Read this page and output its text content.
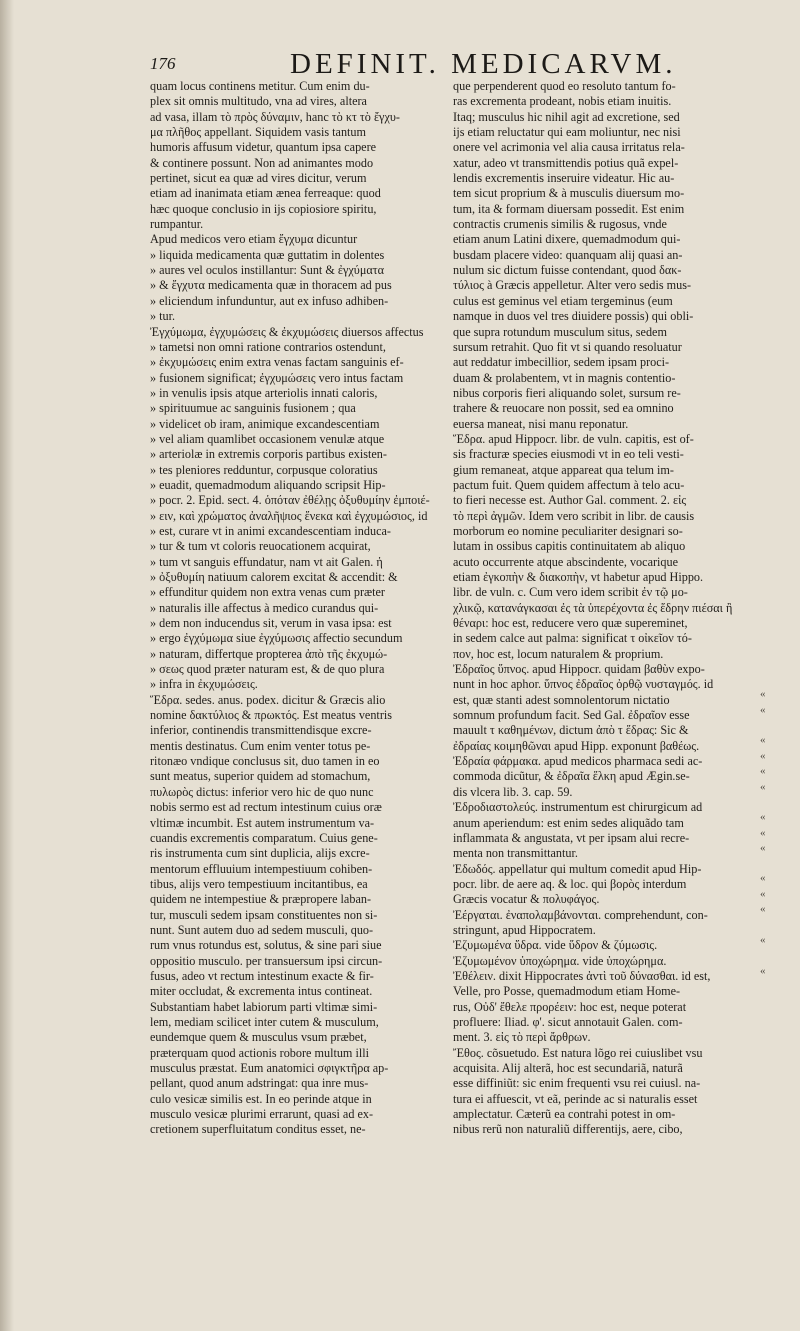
176	DEFINIT. MEDICARVM.
quam locus continens metitur. Cum enim du-
plex sit omnis multitudo, vna ad vires, altera
ad vasa, illam τὸ πρὸς δύναμιν, hanc τὸ κτ τὸ ἔγχυ-
μα πλῆθος appellant. Siquidem vasis tantum
humoris affusum videtur, quantum ipsa capere
& continere possunt. Non ad animantes modo
pertinet, sicut ea quæ ad vires dicitur, verum
etiam ad inanimata etiam ænea ferreaque: quod
hæc quoque conclusio in ijs copiosiore spiritu,
rumpantur.
Apud medicos vero etiam ἔγχυμα dicuntur
» liquida medicamenta quæ guttatim in dolentes
» aures vel oculos instillantur: Sunt & ἐγχύματα
» & ἔγχυτα medicamenta quæ in thoracem ad pus
» eliciendum infunduntur, aut ex infuso adhiben-
» tur.
Ἐγχύμωμα, ἐγχυμώσεις & ἐκχυμώσεις diuersos affectus
» tametsi non omni ratione contrarios ostendunt,
» ἐκχυμώσεις enim extra venas factam sanguinis ef-
» fusionem significat; ἐγχυμώσεις vero intus factam
» in venulis ipsis atque arteriolis innati caloris,
» spirituumue ac sanguinis fusionem ; qua
» videlicet ob iram, animique excandescentiam
» vel aliam quamlibet occasionem venulæ atque
» arteriolæ in extremis corporis partibus existen-
» tes pleniores redduntur, corpusque coloratius
» euadit, quemadmodum aliquando scripsit Hip-
» pocr. 2. Epid. sect. 4. ὁπόταν ἐθέλῃς ὀξυθυμίην ἐμποιέ-
» ειν, καὶ χρώματος ἀναλῆψιος ἕνεκα καὶ ἐγχυμώσιος, id
» est, curare vt in animi excandescentiam induca-
» tur & tum vt coloris reuocationem acquirat,
» tum vt sanguis effundatur, nam vt ait Galen. ἡ
» ὀξυθυμίη natiuum calorem excitat & accendit: &
» effunditur quidem non extra venas cum præter
» naturalis ille affectus à medico curandus qui-
» dem non inducendus sit, verum in vasa ipsa: est
» ergo ἐγχύμωμα siue ἐγχύμωσις affectio secundum
» naturam, differtque propterea ἀπὸ τῆς ἐκχυμώ-
» σεως quod præter naturam est, & de quo plura
» infra in ἐκχυμώσεις.
Ἕδρα. sedes. anus. podex. dicitur & Græcis alio
nomine δακτύλιος & πρωκτός. Est meatus ventris
inferior, continendis transmittendisque excre-
mentis destinatus. Cum enim venter totus pe-
ritonæo vndique conclusus sit, duo tamen in eo
sunt meatus, superior quidem ad stomachum,
πυλωρὸς dictus: inferior vero hic de quo nunc
nobis sermo est ad rectum intestinum cuius oræ
vltimæ incumbit. Est autem instrumentum va-
cuandis excrementis comparatum. Cuius gene-
ris instrumenta cum sint duplicia, alijs excre-
mentorum effluuium intempestiuum cohiben-
tibus, alijs vero tempestiuum incitantibus, ea
quidem ne intempestiue & præpropere laban-
tur, musculi sedem ipsam constituentes non si-
nunt. Sunt autem duo ad sedem musculi, quo-
rum vnus rotundus est, solutus, & sine pari siue
oppositio musculo. per transuersum ipsi circun-
fusus, adeo vt rectum intestinum exacte & fir-
miter occludat, & excrementa intus contineat.
Substantiam habet labiorum parti vltimæ simi-
lem, mediam scilicet inter cutem & musculum,
eundemque quem & musculus vsum præbet,
præterquam quod actionis robore multum illi
musculus præstat. Eum anatomici σφιγκτῆρα ap-
pellant, quod anum adstringat: qua inre mus-
culo vesicæ similis est. In eo perinde atque in
musculo vesicæ plurimi errarunt, quasi ad ex-
cretionem superfluitatum conditus esset, ne-
que perpenderent quod eo resoluto tantum fo-
ras excrementa prodeant, nobis etiam inuitis.
Itaq; musculus hic nihil agit ad excretione, sed
ijs etiam reluctatur qui eam moliuntur, nec nisi
onere vel acrimonia vel alia causa irritatus rela-
xatur, adeo vt transmittendis potius quã expel-
lendis excrementis inseruire videatur. Hic au-
tem sicut proprium & à musculis diuersum mo-
tum, ita & formam diuersam possedit. Est enim
contractis crumenis similis & rugosus, vnde
etiam anum Latini dixere, quemadmodum qui-
busdam placere video: quanquam alij quasi an-
nulum sic dictum fuisse contendant, quod δακ-
τύλιος à Græcis appelletur. Alter vero sedis mus-
culus est geminus vel etiam tergeminus (eum
namque in duos vel tres diuidere possis) qui obli-
que supra rotundum musculum situs, sedem
sursum retrahit. Quo fit vt si quando resoluatur
aut reddatur imbecillior, sedem ipsam proci-
duam & prolabentem, vt in magnis contentio-
nibus corporis fieri aliquando solet, sursum re-
trahere & reuocare non possit, sed ea omnino
euersa maneat, nisi manu reponatur.
Ἕδρα. apud Hippocr. libr. de vuln. capitis, est of-
sis fracturæ species eiusmodi vt in eo teli vesti-
gium remaneat, atque appareat qua telum im-
pactum fuit. Quem quidem affectum à telo acu-
to fieri necesse est. Author Gal. comment. 2. εἰς
τὸ περὶ ἀγμῶν. Idem vero scribit in libr. de causis
morborum eo nomine peculiariter designari so-
lutam in ossibus capitis continuitatem ab aliquo
acuto occurrente atque abscindente, vocarique
etiam ἐγκοπὴν & διακοπὴν, vt habetur apud Hippo.
libr. de vuln. c. Cum vero idem scribit ἐν τῷ μο-
χλικῷ, κατανάγκασαι ἐς τὰ ὑπερέχοντα ἐς ἕδρην πιέσαι ἢ
θέναρι: hoc est, reducere vero quæ supereminet,
in sedem calce aut palma: significat τ οἰκεῖον τό-
πον, hoc est, locum naturalem & proprium.
Ἐδραῖος ὕπνος. apud Hippocr. quidam βαθὺν expo-
nunt in hoc aphor. ὕπνος ἐδραῖος ὀρθῷ νυσταγμός. id
est, quæ stanti adest somnolentorum nictatio
somnum profundum facit. Sed Gal. ἐδραῖον esse
mauult τ καθημένων, dictum ἀπὸ τ ἕδρας: Sic &
ἐδραίας κοιμηθῶναι apud Hipp. exponunt βαθέως.
Ἐδραία φάρμακα. apud medicos pharmaca sedi ac-
commoda dicũtur, & ἐδραῖα ἕλκη apud Ægin.se-
dis vlcera lib. 3. cap. 59.
Ἐδροδιαστολεύς. instrumentum est chirurgicum ad
anum aperiendum: est enim sedes aliquãdo tam
inflammata & angustata, vt per ipsam alui recre-
menta non transmittantur.
Ἐδωδός. appellatur qui multum comedit apud Hip-
pocr. libr. de aere aq. & loc. qui βορὸς interdum
Græcis vocatur & πολυφάγος.
Ἐέργαται. ἐναπολαμβάνονται. comprehendunt, con-
stringunt, apud Hippocratem.
Ἐζυμωμένα ὕδρα. vide ὕδρον & ζύμωσις.
Ἐζυμωμένον ὑποχώρημα. vide ὑποχώρημα.
Ἐθέλειν. dixit Hippocrates ἀντὶ τοῦ δύνασθαι. id est,
Velle, pro Posse, quemadmodum etiam Home-
rus, Οὐδ' ἔθελε προρέειν: hoc est, neque poterat
profluere: Iliad. φ'. sicut annotauit Galen. com-
ment. 3. εἰς τὸ περὶ ἄρθρων.
Ἔθος. cõsuetudo. Est natura lõgo rei cuiuslibet vsu
acquisita. Alij alterã, hoc est secundariã, naturã
esse diffiniũt: sic enim frequenti vsu rei cuiusl. na-
tura ei affuescit, vt eã, perinde ac si naturalis esset
amplectatur. Cæterũ ea contrahi potest in om-
nibus rerũ non naturaliũ differentijs, aere, cibo,
«
«
«
«
«
«
«
«
«
«
«
«
«
«
